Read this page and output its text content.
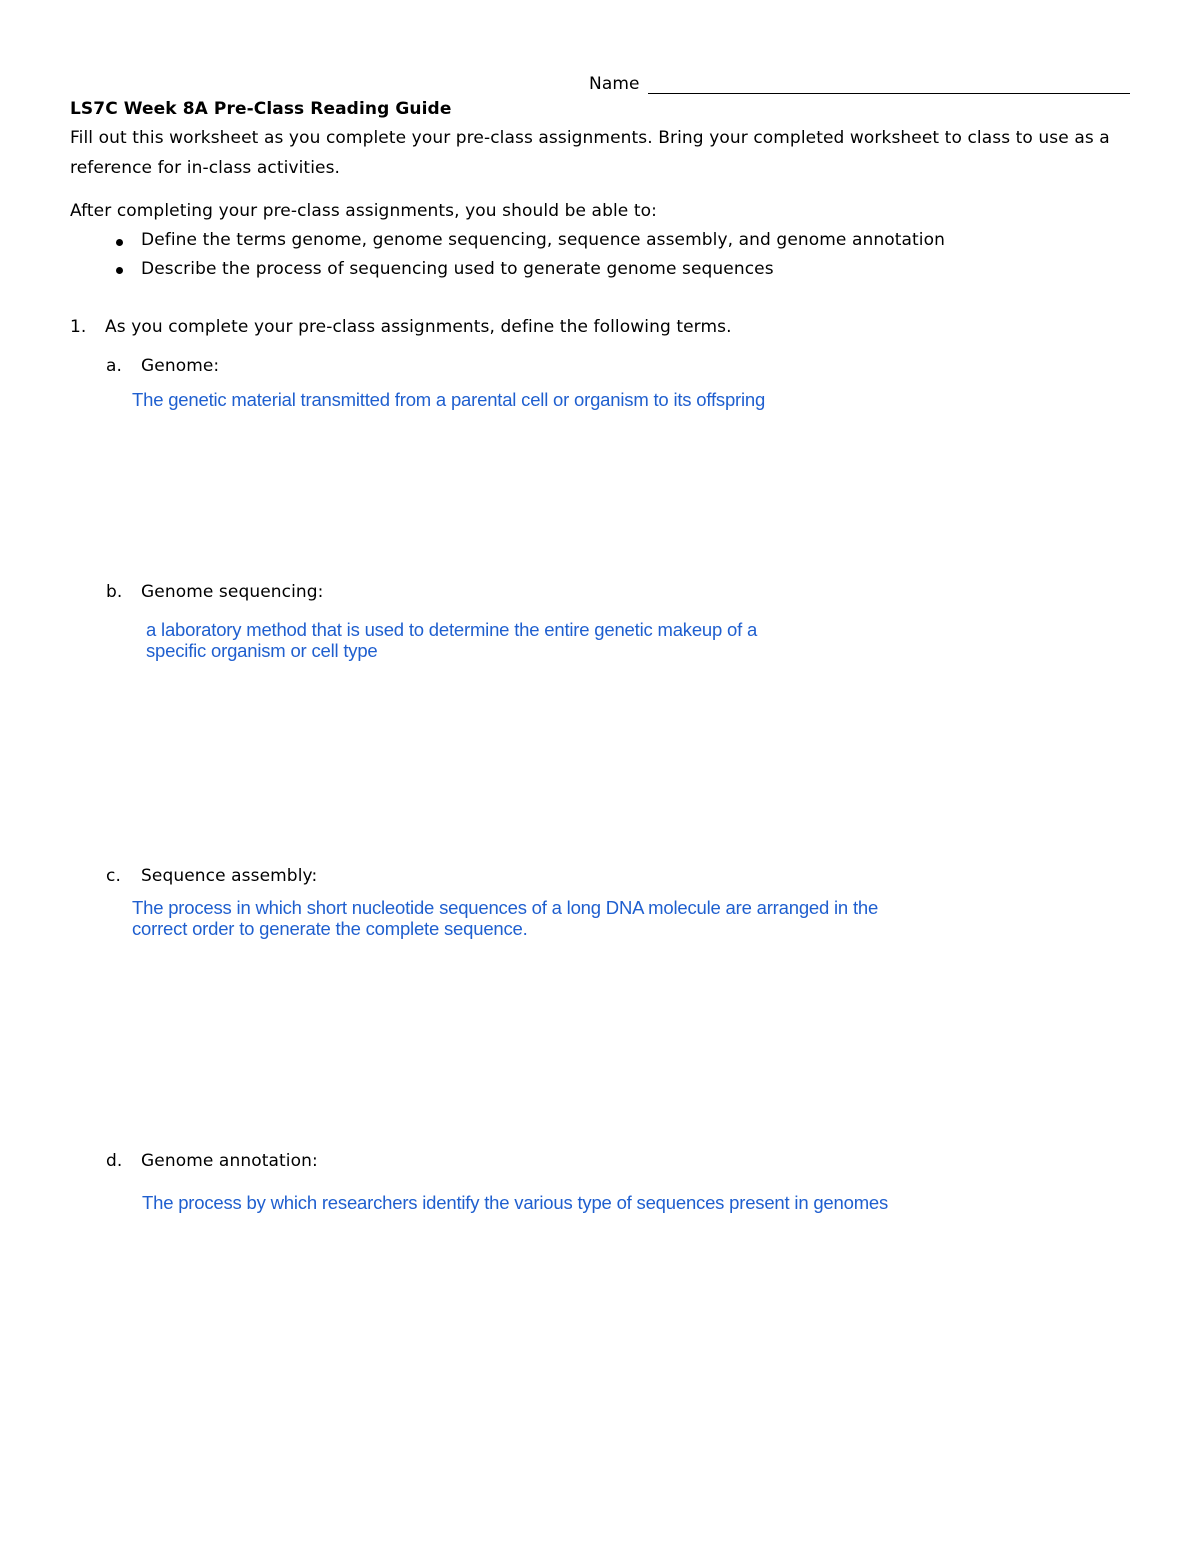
Name
LS7C Week 8A Pre-Class Reading Guide
Fill out this worksheet as you complete your pre-class assignments. Bring your completed worksheet to class to use as a
reference for in-class activities.
After completing your pre-class assignments, you should be able to:
Define the terms genome, genome sequencing, sequence assembly, and genome annotation
Describe the process of sequencing used to generate genome sequences
1. As you complete your pre-class assignments, define the following terms.
a. Genome:
The genetic material transmitted from a parental cell or organism to its offspring
b. Genome sequencing:
a laboratory method that is used to determine the entire genetic makeup of a
specific organism or cell type
c. Sequence assembly:
The process in which short nucleotide sequences of a long DNA molecule are arranged in the
correct order to generate the complete sequence.
d. Genome annotation:
The process by which researchers identify the various type of sequences present in genomes
